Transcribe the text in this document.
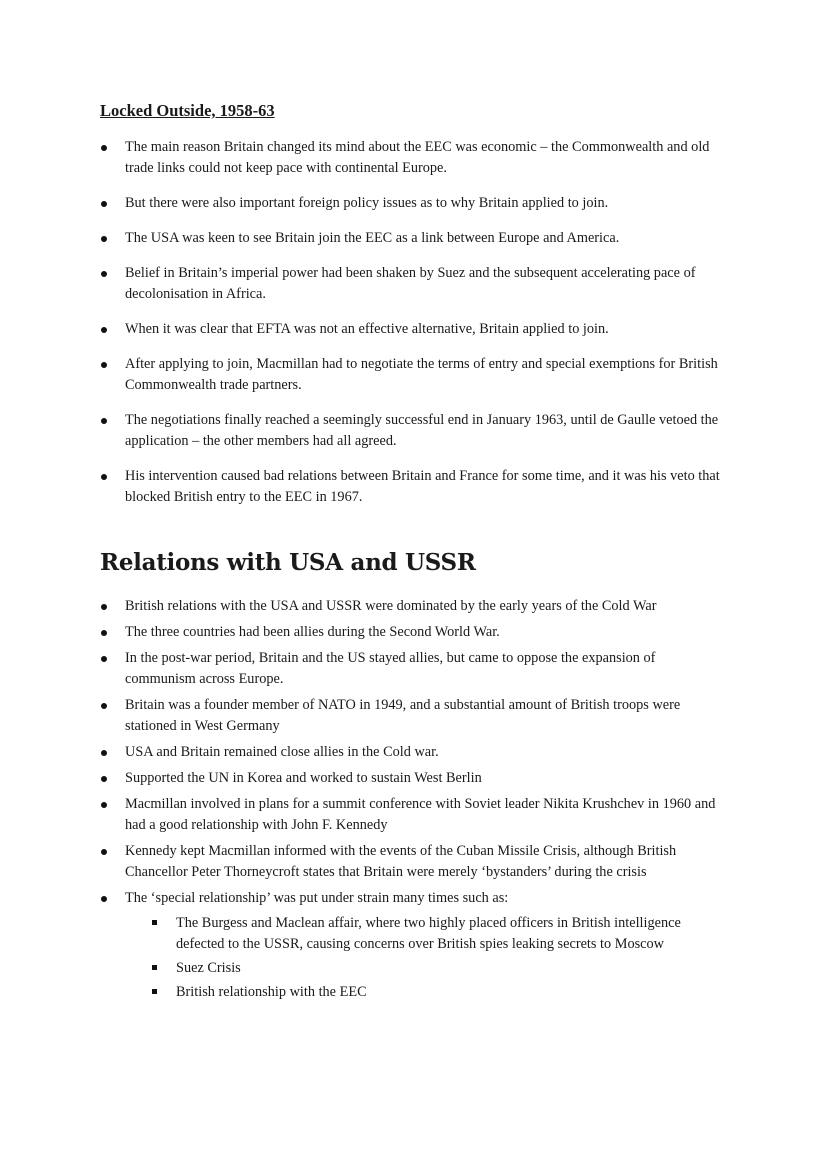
Locked Outside, 1958-63
The main reason Britain changed its mind about the EEC was economic – the Commonwealth and old trade links could not keep pace with continental Europe.
But there were also important foreign policy issues as to why Britain applied to join.
The USA was keen to see Britain join the EEC as a link between Europe and America.
Belief in Britain’s imperial power had been shaken by Suez and the subsequent accelerating pace of decolonisation in Africa.
When it was clear that EFTA was not an effective alternative, Britain applied to join.
After applying to join, Macmillan had to negotiate the terms of entry and special exemptions for British Commonwealth trade partners.
The negotiations finally reached a seemingly successful end in January 1963, until de Gaulle vetoed the application – the other members had all agreed.
His intervention caused bad relations between Britain and France for some time, and it was his veto that blocked British entry to the EEC in 1967.
Relations with USA and USSR
British relations with the USA and USSR were dominated by the early years of the Cold War
The three countries had been allies during the Second World War.
In the post-war period, Britain and the US stayed allies, but came to oppose the expansion of communism across Europe.
Britain was a founder member of NATO in 1949, and a substantial amount of British troops were stationed in West Germany
USA and Britain remained close allies in the Cold war.
Supported the UN in Korea and worked to sustain West Berlin
Macmillan involved in plans for a summit conference with Soviet leader Nikita Krushchev in 1960 and had a good relationship with John F. Kennedy
Kennedy kept Macmillan informed with the events of the Cuban Missile Crisis, although British Chancellor Peter Thorneycroft states that Britain were merely ‘bystanders’ during the crisis
The ‘special relationship’ was put under strain many times such as:
The Burgess and Maclean affair, where two highly placed officers in British intelligence defected to the USSR, causing concerns over British spies leaking secrets to Moscow
Suez Crisis
British relationship with the EEC
